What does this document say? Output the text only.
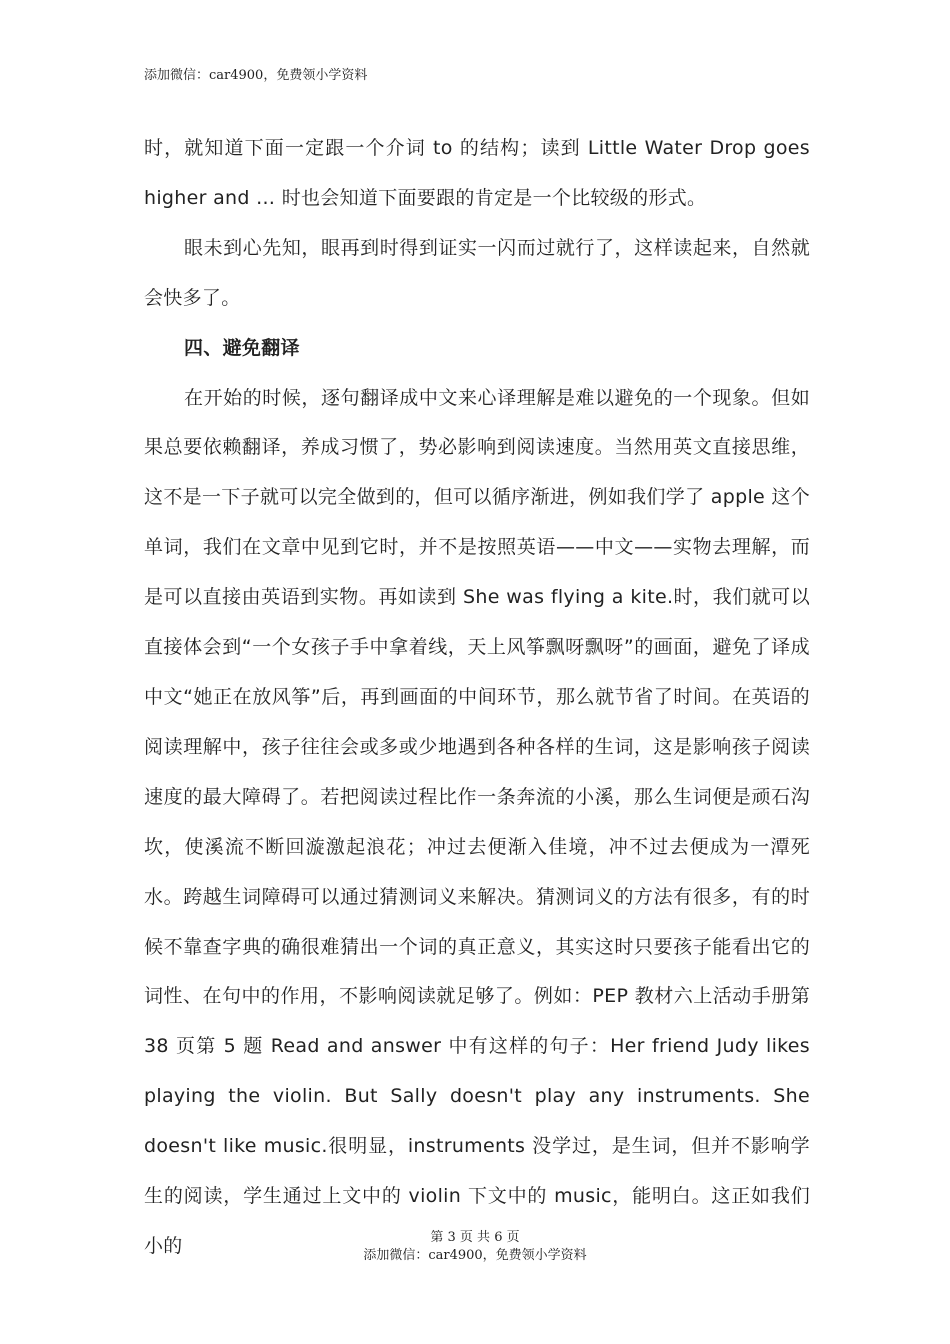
添加微信：car4900，免费领小学资料

时，就知道下面一定跟一个介词 to 的结构；读到 Little Water Drop goes higher and … 时也会知道下面要跟的肯定是一个比较级的形式。

眼未到心先知，眼再到时得到证实一闪而过就行了，这样读起来，自然就会快多了。

四、避免翻译

在开始的时候，逐句翻译成中文来心译理解是难以避免的一个现象。但如果总要依赖翻译，养成习惯了，势必影响到阅读速度。当然用英文直接思维，这不是一下子就可以完全做到的，但可以循序渐进，例如我们学了 apple 这个单词，我们在文章中见到它时，并不是按照英语——中文——实物去理解，而是可以直接由英语到实物。再如读到 She was flying a kite.时，我们就可以直接体会到“一个女孩子手中拿着线，天上风筝飘呀飘呀”的画面，避免了译成中文“她正在放风筝”后，再到画面的中间环节，那么就节省了时间。在英语的阅读理解中，孩子往往会或多或少地遇到各种各样的生词，这是影响孩子阅读速度的最大障碍了。若把阅读过程比作一条奔流的小溪，那么生词便是顽石沟坎，使溪流不断回漩激起浪花；冲过去便渐入佳境，冲不过去便成为一潭死水。跨越生词障碍可以通过猜测词义来解决。猜测词义的方法有很多，有的时候不靠查字典的确很难猜出一个词的真正意义，其实这时只要孩子能看出它的词性、在句中的作用，不影响阅读就足够了。例如：PEP 教材六上活动手册第 38 页第 5 题 Read and answer 中有这样的句子：Her friend Judy likes playing the violin. But Sally doesn't play any instruments. She doesn't like music.很明显，instruments 没学过，是生词，但并不影响学生的阅读，学生通过上文中的 violin 下文中的 music，能明白。这正如我们小的	第 3 页 共 6 页
添加微信：car4900，免费领小学资料
